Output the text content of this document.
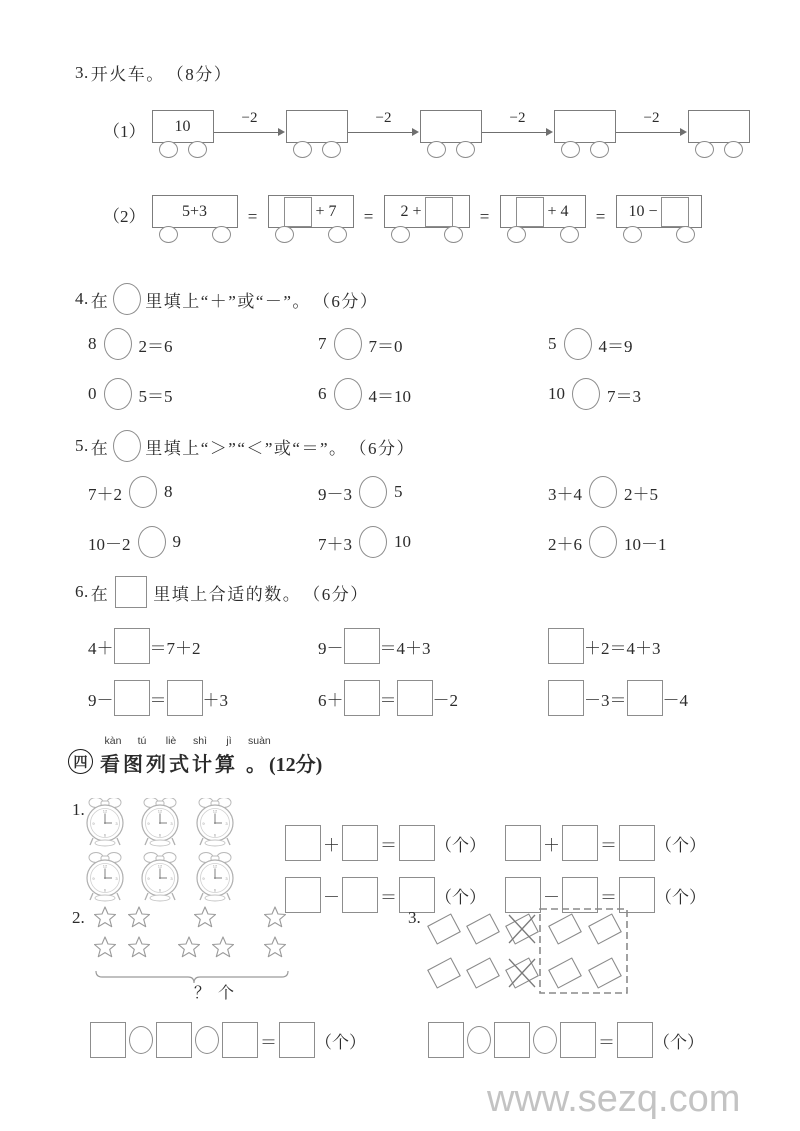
3. 开火车。 （8分）
（1） 10	−2	−2	−2	−2
（2） 5+3	=	+ 7	=	2 +	=	+ 4	=	10 −
4. 在 里填上“＋”或“－”。 （6分）
8 2＝6	7 7＝0	5 4＝9
0 5＝5	6 4＝10	10 7＝3
5. 在 里填上“＞”“＜”或“＝”。 （6分）
7＋2 8	9－3 5	3＋4 2＋5
10－2 9	7＋3 10	2＋6 10－1
6. 在	里填上合适的数。 （6分）
4＋ ＝7＋2	9－ ＝4＋3	＋2＝4＋3
9－ ＝ ＋3	6＋ ＝ －2	－3＝ －4
四
kàn	tú	liè	shì	jì	suàn
看图列式计算 。 (12分)
1.
＋ ＝ （个）	＋ ＝ （个）
－ ＝ （个）	－ ＝ （个）
2.
？ 个
3.
＝ （个）	＝ （个）
www.sezq.com
